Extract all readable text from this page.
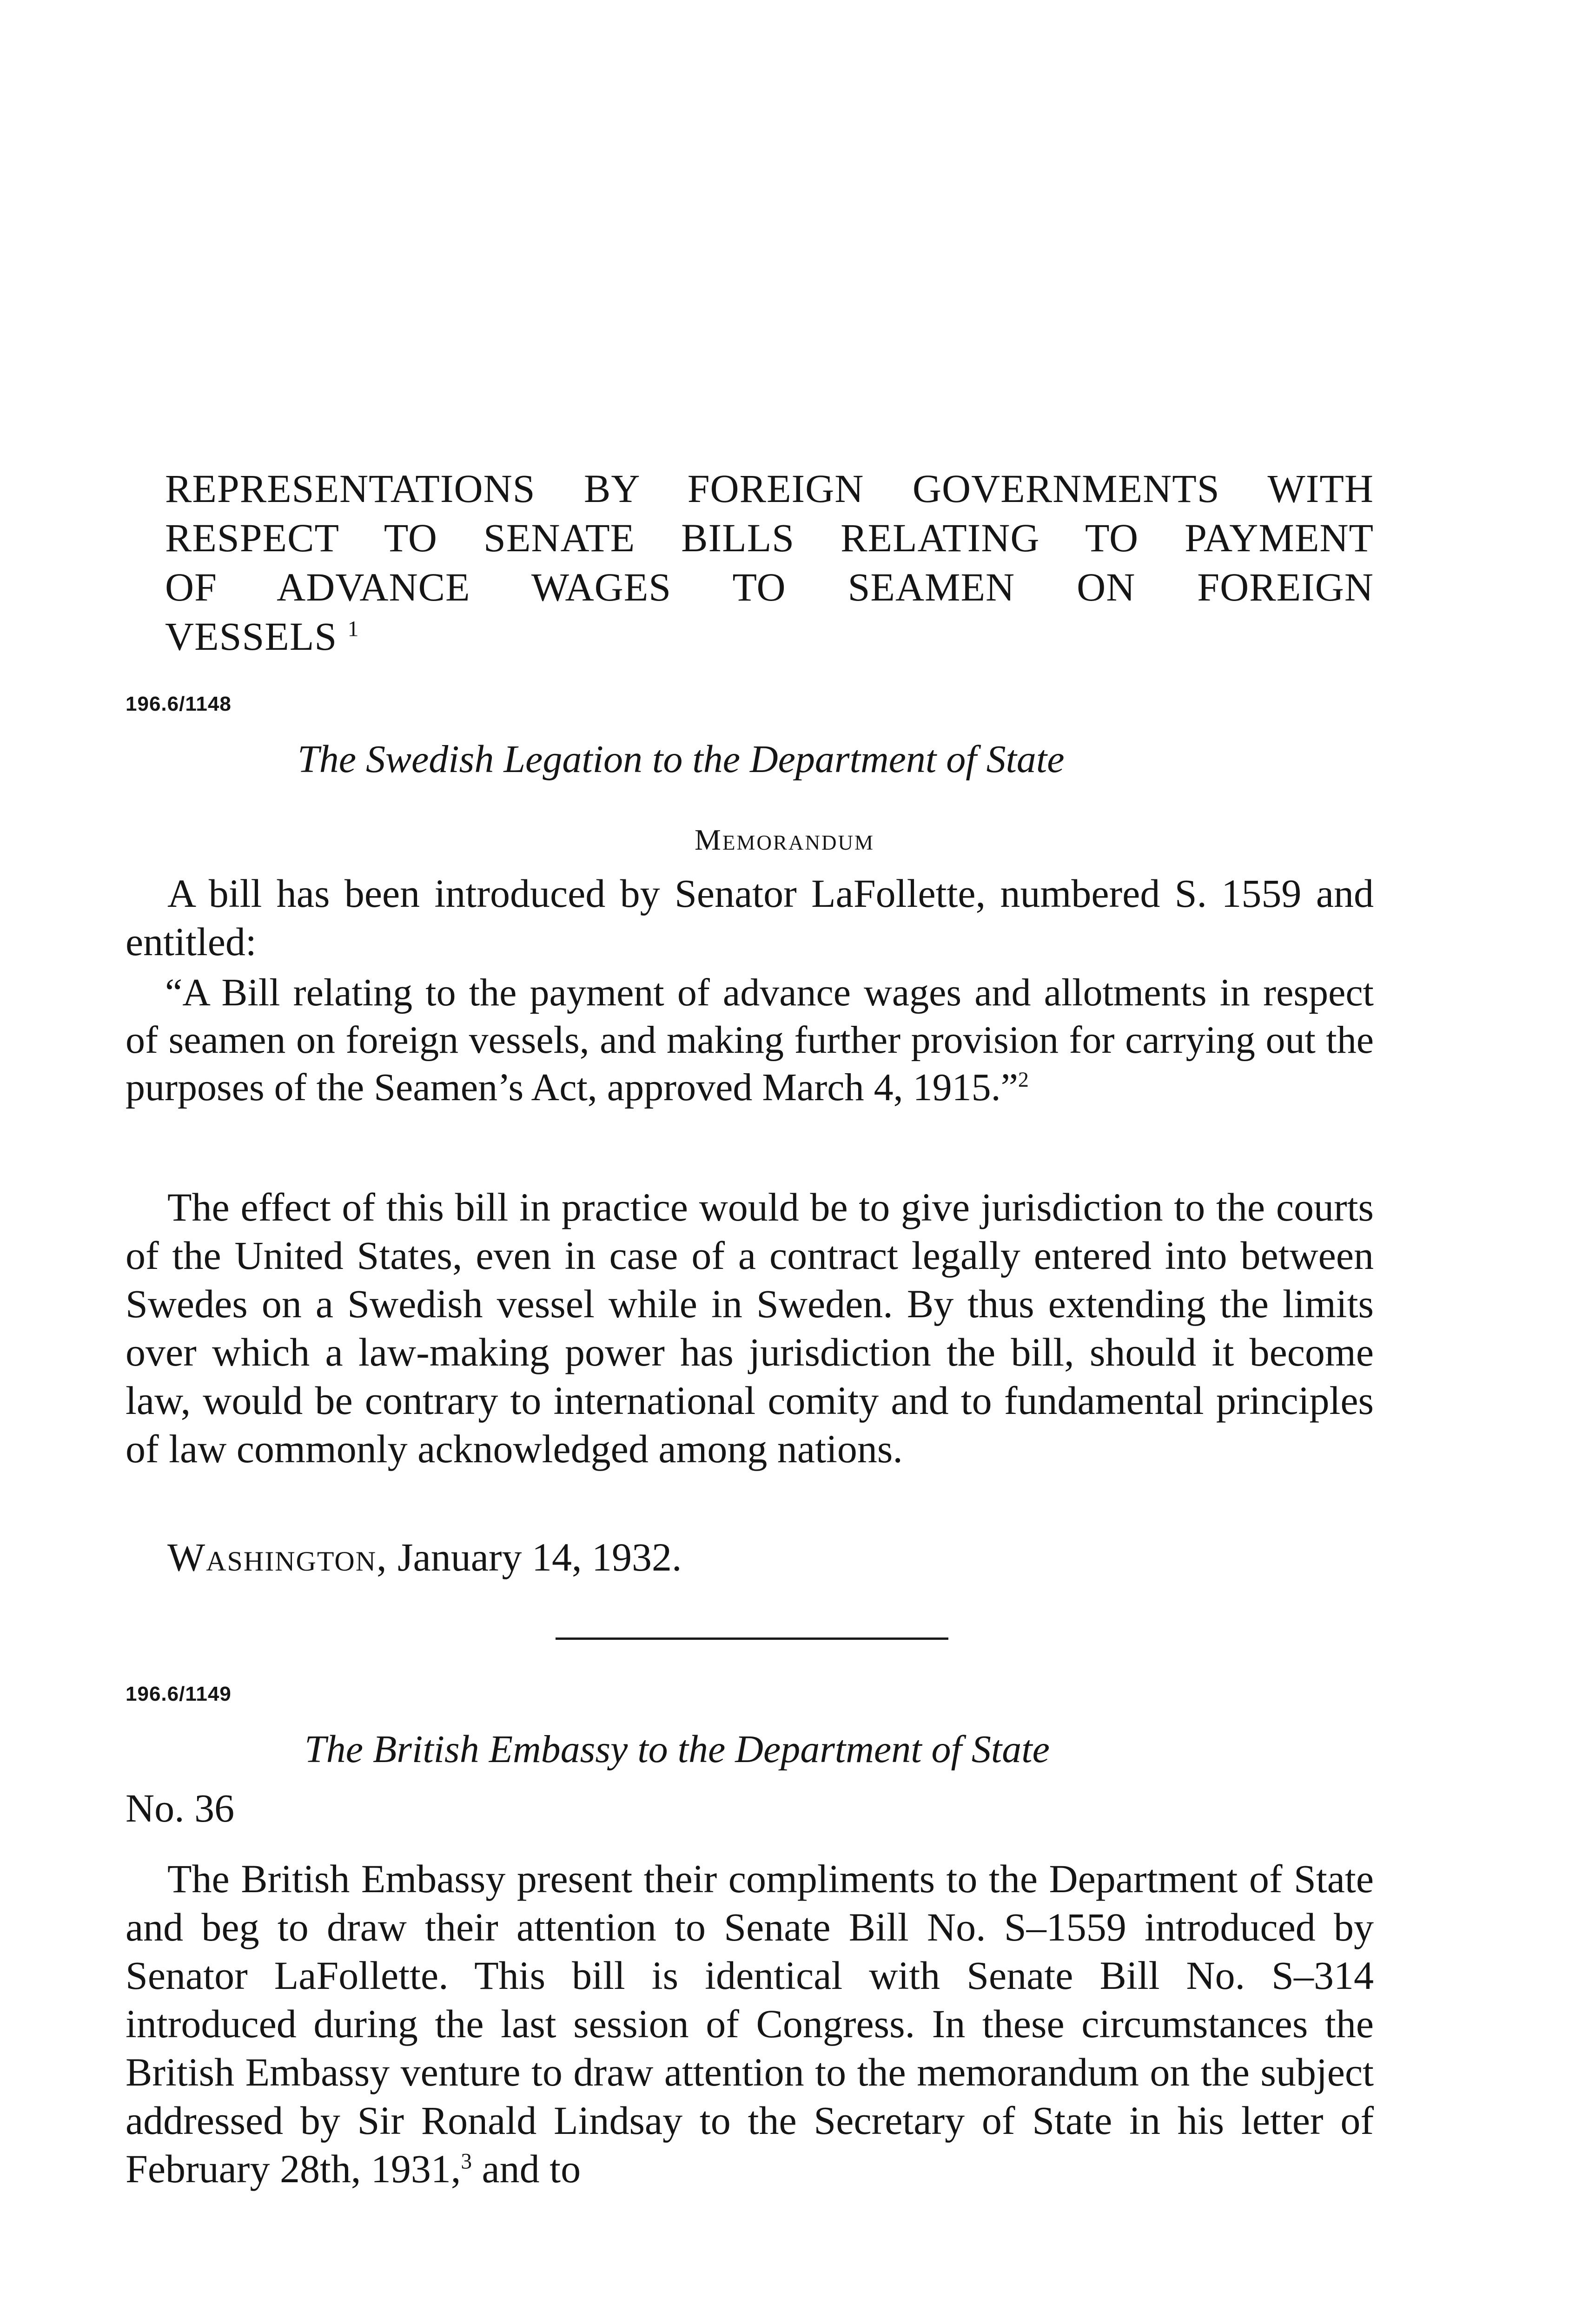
REPRESENTATIONS BY FOREIGN GOVERNMENTS WITH
RESPECT TO SENATE BILLS RELATING TO PAYMENT
OF ADVANCE WAGES TO SEAMEN ON FOREIGN
VESSELS $^1$
196.6/1148
The Swedish Legation to the Department of State
Memorandum

A bill has been introduced by Senator LaFollette, numbered S. 1559 and entitled:

“A Bill relating to the payment of advance wages and allotments in respect of seamen on foreign vessels, and making further provision for carrying out the purposes of the Seamen’s Act, approved March 4, 1915.”$^2$

The effect of this bill in practice would be to give jurisdiction to the courts of the United States, even in case of a contract legally entered into between Swedes on a Swedish vessel while in Sweden. By thus extending the limits over which a law-making power has jurisdiction the bill, should it become law, would be contrary to international comity and to fundamental principles of law commonly acknowledged among nations.

Washington, January 14, 1932.
196.6/1149
The British Embassy to the Department of State
No. 36

The British Embassy present their compliments to the Department of State and beg to draw their attention to Senate Bill No. S–1559 introduced by Senator LaFollette. This bill is identical with Senate Bill No. S–314 introduced during the last session of Congress. In these circumstances the British Embassy venture to draw attention to the memorandum on the subject addressed by Sir Ronald Lindsay to the Secretary of State in his letter of February 28th, 1931,$^3$ and to
